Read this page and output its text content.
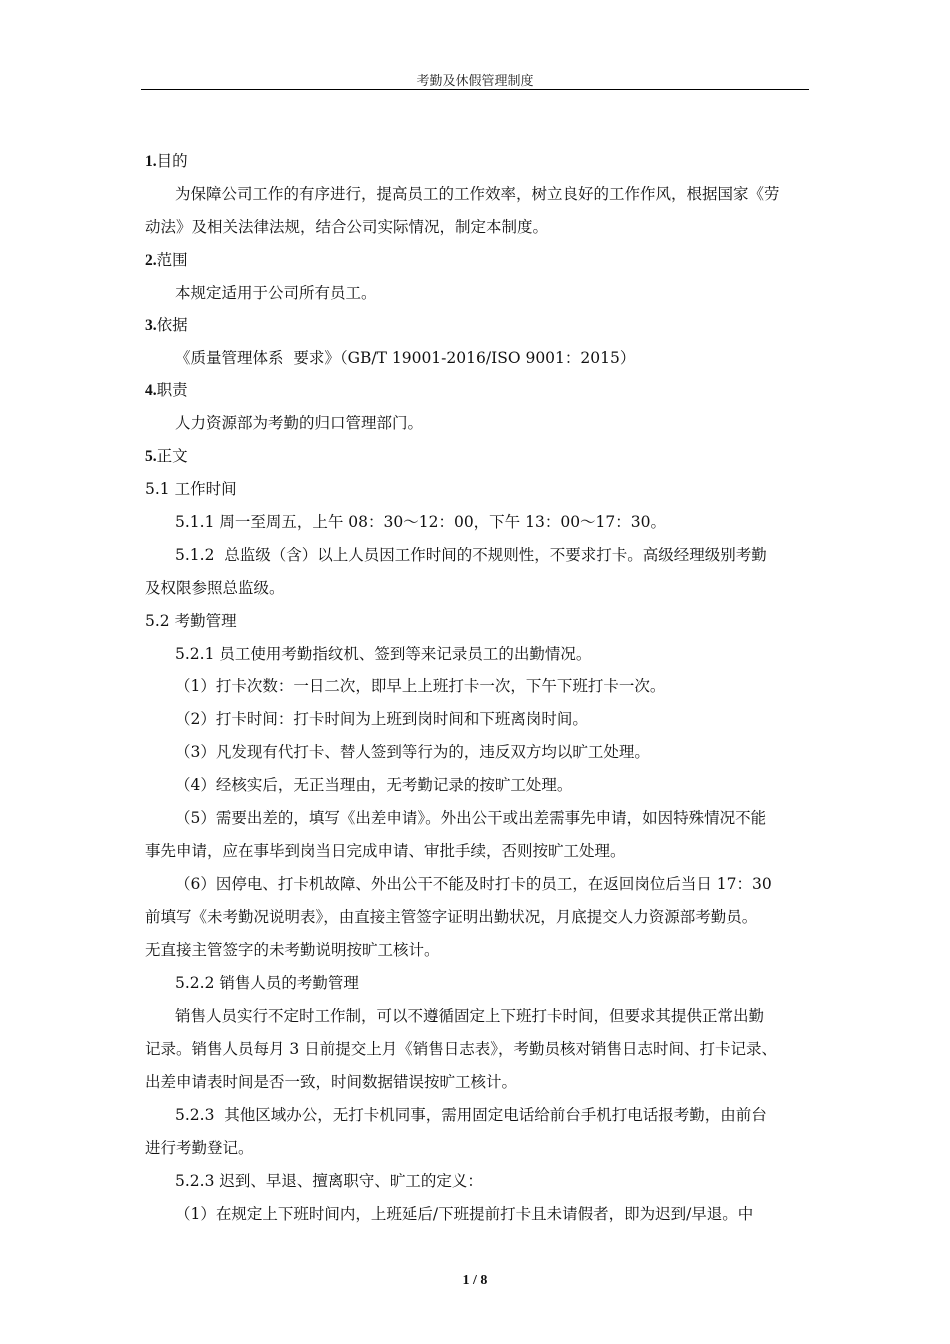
考勤及休假管理制度
1.目的
为保障公司工作的有序进行，提高员工的工作效率，树立良好的工作作风，根据国家《劳
动法》及相关法律法规，结合公司实际情况，制定本制度。
2.范围
本规定适用于公司所有员工。
3.依据
《质量管理体系  要求》（GB/T 19001-2016/ISO 9001：2015）
4.职责
人力资源部为考勤的归口管理部门。
5.正文
5.1 工作时间
5.1.1 周一至周五，上午 08：30～12：00，下午 13：00～17：30。
5.1.2  总监级（含）以上人员因工作时间的不规则性，不要求打卡。高级经理级别考勤
及权限参照总监级。
5.2 考勤管理
5.2.1 员工使用考勤指纹机、签到等来记录员工的出勤情况。
（1）打卡次数：一日二次，即早上上班打卡一次，下午下班打卡一次。
（2）打卡时间：打卡时间为上班到岗时间和下班离岗时间。
（3）凡发现有代打卡、替人签到等行为的，违反双方均以旷工处理。
（4）经核实后，无正当理由，无考勤记录的按旷工处理。
（5）需要出差的，填写《出差申请》。外出公干或出差需事先申请，如因特殊情况不能
事先申请，应在事毕到岗当日完成申请、审批手续，否则按旷工处理。
（6）因停电、打卡机故障、外出公干不能及时打卡的员工，在返回岗位后当日 17：30
前填写《未考勤况说明表》，由直接主管签字证明出勤状况，月底提交人力资源部考勤员。
无直接主管签字的未考勤说明按旷工核计。
5.2.2 销售人员的考勤管理
销售人员实行不定时工作制，可以不遵循固定上下班打卡时间，但要求其提供正常出勤
记录。销售人员每月 3 日前提交上月《销售日志表》，考勤员核对销售日志时间、打卡记录、
出差申请表时间是否一致，时间数据错误按旷工核计。
5.2.3  其他区域办公，无打卡机同事，需用固定电话给前台手机打电话报考勤，由前台
进行考勤登记。
5.2.3 迟到、早退、擅离职守、旷工的定义：
（1）在规定上下班时间内，上班延后/下班提前打卡且未请假者，即为迟到/早退。中
1 / 8
